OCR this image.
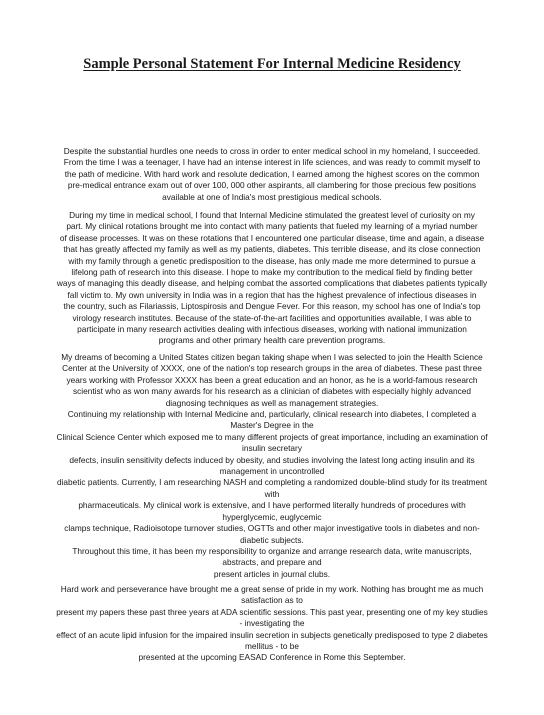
Sample Personal Statement For Internal Medicine Residency
Despite the substantial hurdles one needs to cross in order to enter medical school in my homeland, I succeeded.
From the time I was a teenager, I have had an intense interest in life sciences, and was ready to commit myself to
the path of medicine. With hard work and resolute dedication, I earned among the highest scores on the common
pre-medical entrance exam out of over 100, 000 other aspirants, all clambering for those precious few positions
available at one of India's most prestigious medical schools.
During my time in medical school, I found that Internal Medicine stimulated the greatest level of curiosity on my
part. My clinical rotations brought me into contact with many patients that fueled my learning of a myriad number
of disease processes. It was on these rotations that I encountered one particular disease, time and again, a disease
that has greatly affected my family as well as my patients, diabetes. This terrible disease, and its close connection
with my family through a genetic predisposition to the disease, has only made me more determined to pursue a
lifelong path of research into this disease. I hope to make my contribution to the medical field by finding better
ways of managing this deadly disease, and helping combat the assorted complications that diabetes patients typically
fall victim to. My own university in India was in a region that has the highest prevalence of infectious diseases in
the country, such as Filariassis, Liptospirosis and Dengue Fever. For this reason, my school has one of India's top
virology research institutes. Because of the state-of-the-art facilities and opportunities available, I was able to
participate in many research activities dealing with infectious diseases, working with national immunization
programs and other primary health care prevention programs.
My dreams of becoming a United States citizen began taking shape when I was selected to join the Health Science
Center at the University of XXXX, one of the nation's top research groups in the area of diabetes. These past three
years working with Professor XXXX has been a great education and an honor, as he is a world-famous research
scientist who as won many awards for his research as a clinician of diabetes with especially highly advanced
diagnosing techniques as well as management strategies.
Continuing my relationship with Internal Medicine and, particularly, clinical research into diabetes, I completed a
Master's Degree in the
Clinical Science Center which exposed me to many different projects of great importance, including an examination of
insulin secretary
defects, insulin sensitivity defects induced by obesity, and studies involving the latest long acting insulin and its
management in uncontrolled
diabetic patients. Currently, I am researching NASH and completing a randomized double-blind study for its treatment
with
pharmaceuticals. My clinical work is extensive, and I have performed literally hundreds of procedures with
hyperglycemic, euglycemic
clamps technique, Radioisotope turnover studies, OGTTs and other major investigative tools in diabetes and non-
diabetic subjects.
Throughout this time, it has been my responsibility to organize and arrange research data, write manuscripts,
abstracts, and prepare and
present articles in journal clubs.
Hard work and perseverance have brought me a great sense of pride in my work. Nothing has brought me as much
satisfaction as to
present my papers these past three years at ADA scientific sessions. This past year, presenting one of my key studies
- investigating the
effect of an acute lipid infusion for the impaired insulin secretion in subjects genetically predisposed to type 2 diabetes
mellitus - to be
presented at the upcoming EASAD Conference in Rome this September.
